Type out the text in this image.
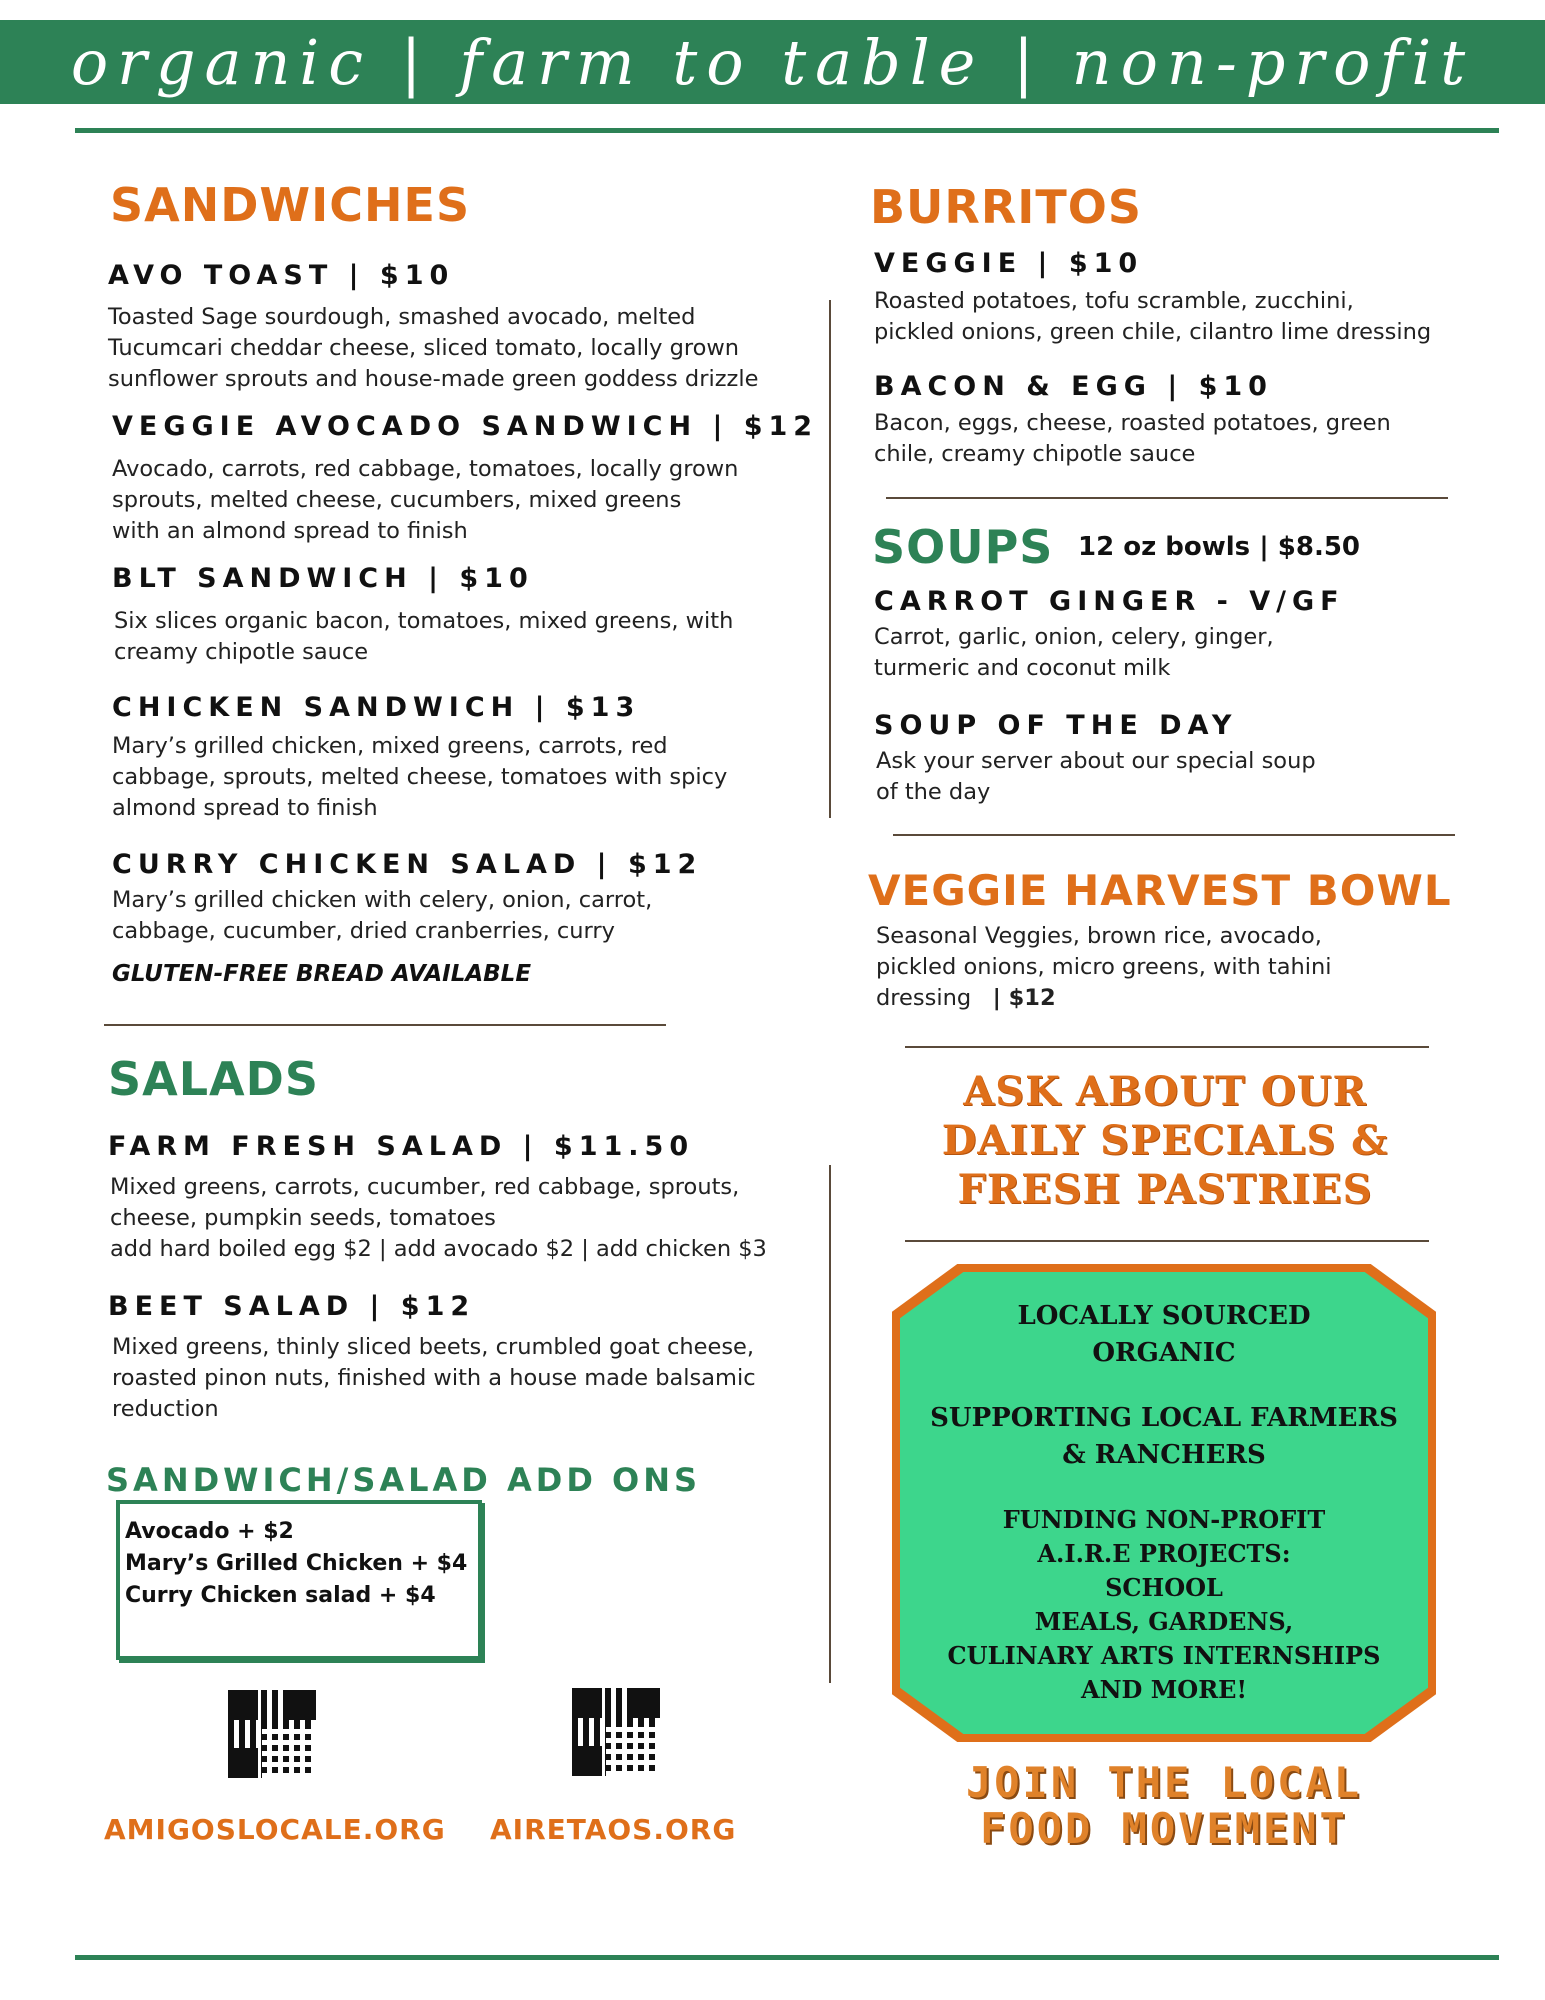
organic | farm to table | non-profit
SANDWICHES
AVO TOAST | $10
Toasted Sage sourdough, smashed avocado, melted
Tucumcari cheddar cheese, sliced tomato, locally grown
sunflower sprouts and house-made green goddess drizzle
VEGGIE AVOCADO SANDWICH | $12
Avocado, carrots, red cabbage, tomatoes, locally grown
sprouts, melted cheese, cucumbers, mixed greens
with an almond spread to finish
BLT SANDWICH | $10
Six slices organic bacon, tomatoes, mixed greens, with
creamy chipotle sauce
CHICKEN SANDWICH | $13
Mary’s grilled chicken, mixed greens, carrots, red
cabbage, sprouts, melted cheese, tomatoes with spicy
almond spread to finish
CURRY CHICKEN SALAD | $12
Mary’s grilled chicken with celery, onion, carrot,
cabbage, cucumber, dried cranberries, curry
GLUTEN-FREE BREAD AVAILABLE
SALADS
FARM FRESH SALAD | $11.50
Mixed greens, carrots, cucumber, red cabbage, sprouts,
cheese, pumpkin seeds, tomatoes
add hard boiled egg $2 | add avocado $2 | add chicken $3
BEET SALAD | $12
Mixed greens, thinly sliced beets, crumbled goat cheese,
roasted pinon nuts, finished with a house made balsamic
reduction
SANDWICH/SALAD ADD ONS
Avocado + $2
Mary’s Grilled Chicken + $4
Curry Chicken salad + $4
AMIGOSLOCALE.ORG AIRETAOS.ORG
BURRITOS
VEGGIE | $10
Roasted potatoes, tofu scramble, zucchini,
pickled onions, green chile, cilantro lime dressing
BACON & EGG | $10
Bacon, eggs, cheese, roasted potatoes, green
chile, creamy chipotle sauce
SOUPS 12 oz bowls | $8.50
CARROT GINGER - V/GF
Carrot, garlic, onion, celery, ginger,
turmeric and coconut milk
SOUP OF THE DAY
Ask your server about our special soup
of the day
VEGGIE HARVEST BOWL
Seasonal Veggies, brown rice, avocado,
pickled onions, micro greens, with tahini
dressing | $12
ASK ABOUT OUR
DAILY SPECIALS &
FRESH PASTRIES
LOCALLY SOURCED
ORGANIC
SUPPORTING LOCAL FARMERS
& RANCHERS
FUNDING NON-PROFIT
A.I.R.E PROJECTS:
SCHOOL
MEALS, GARDENS,
CULINARY ARTS INTERNSHIPS
AND MORE!
JOIN THE LOCAL
FOOD MOVEMENT
